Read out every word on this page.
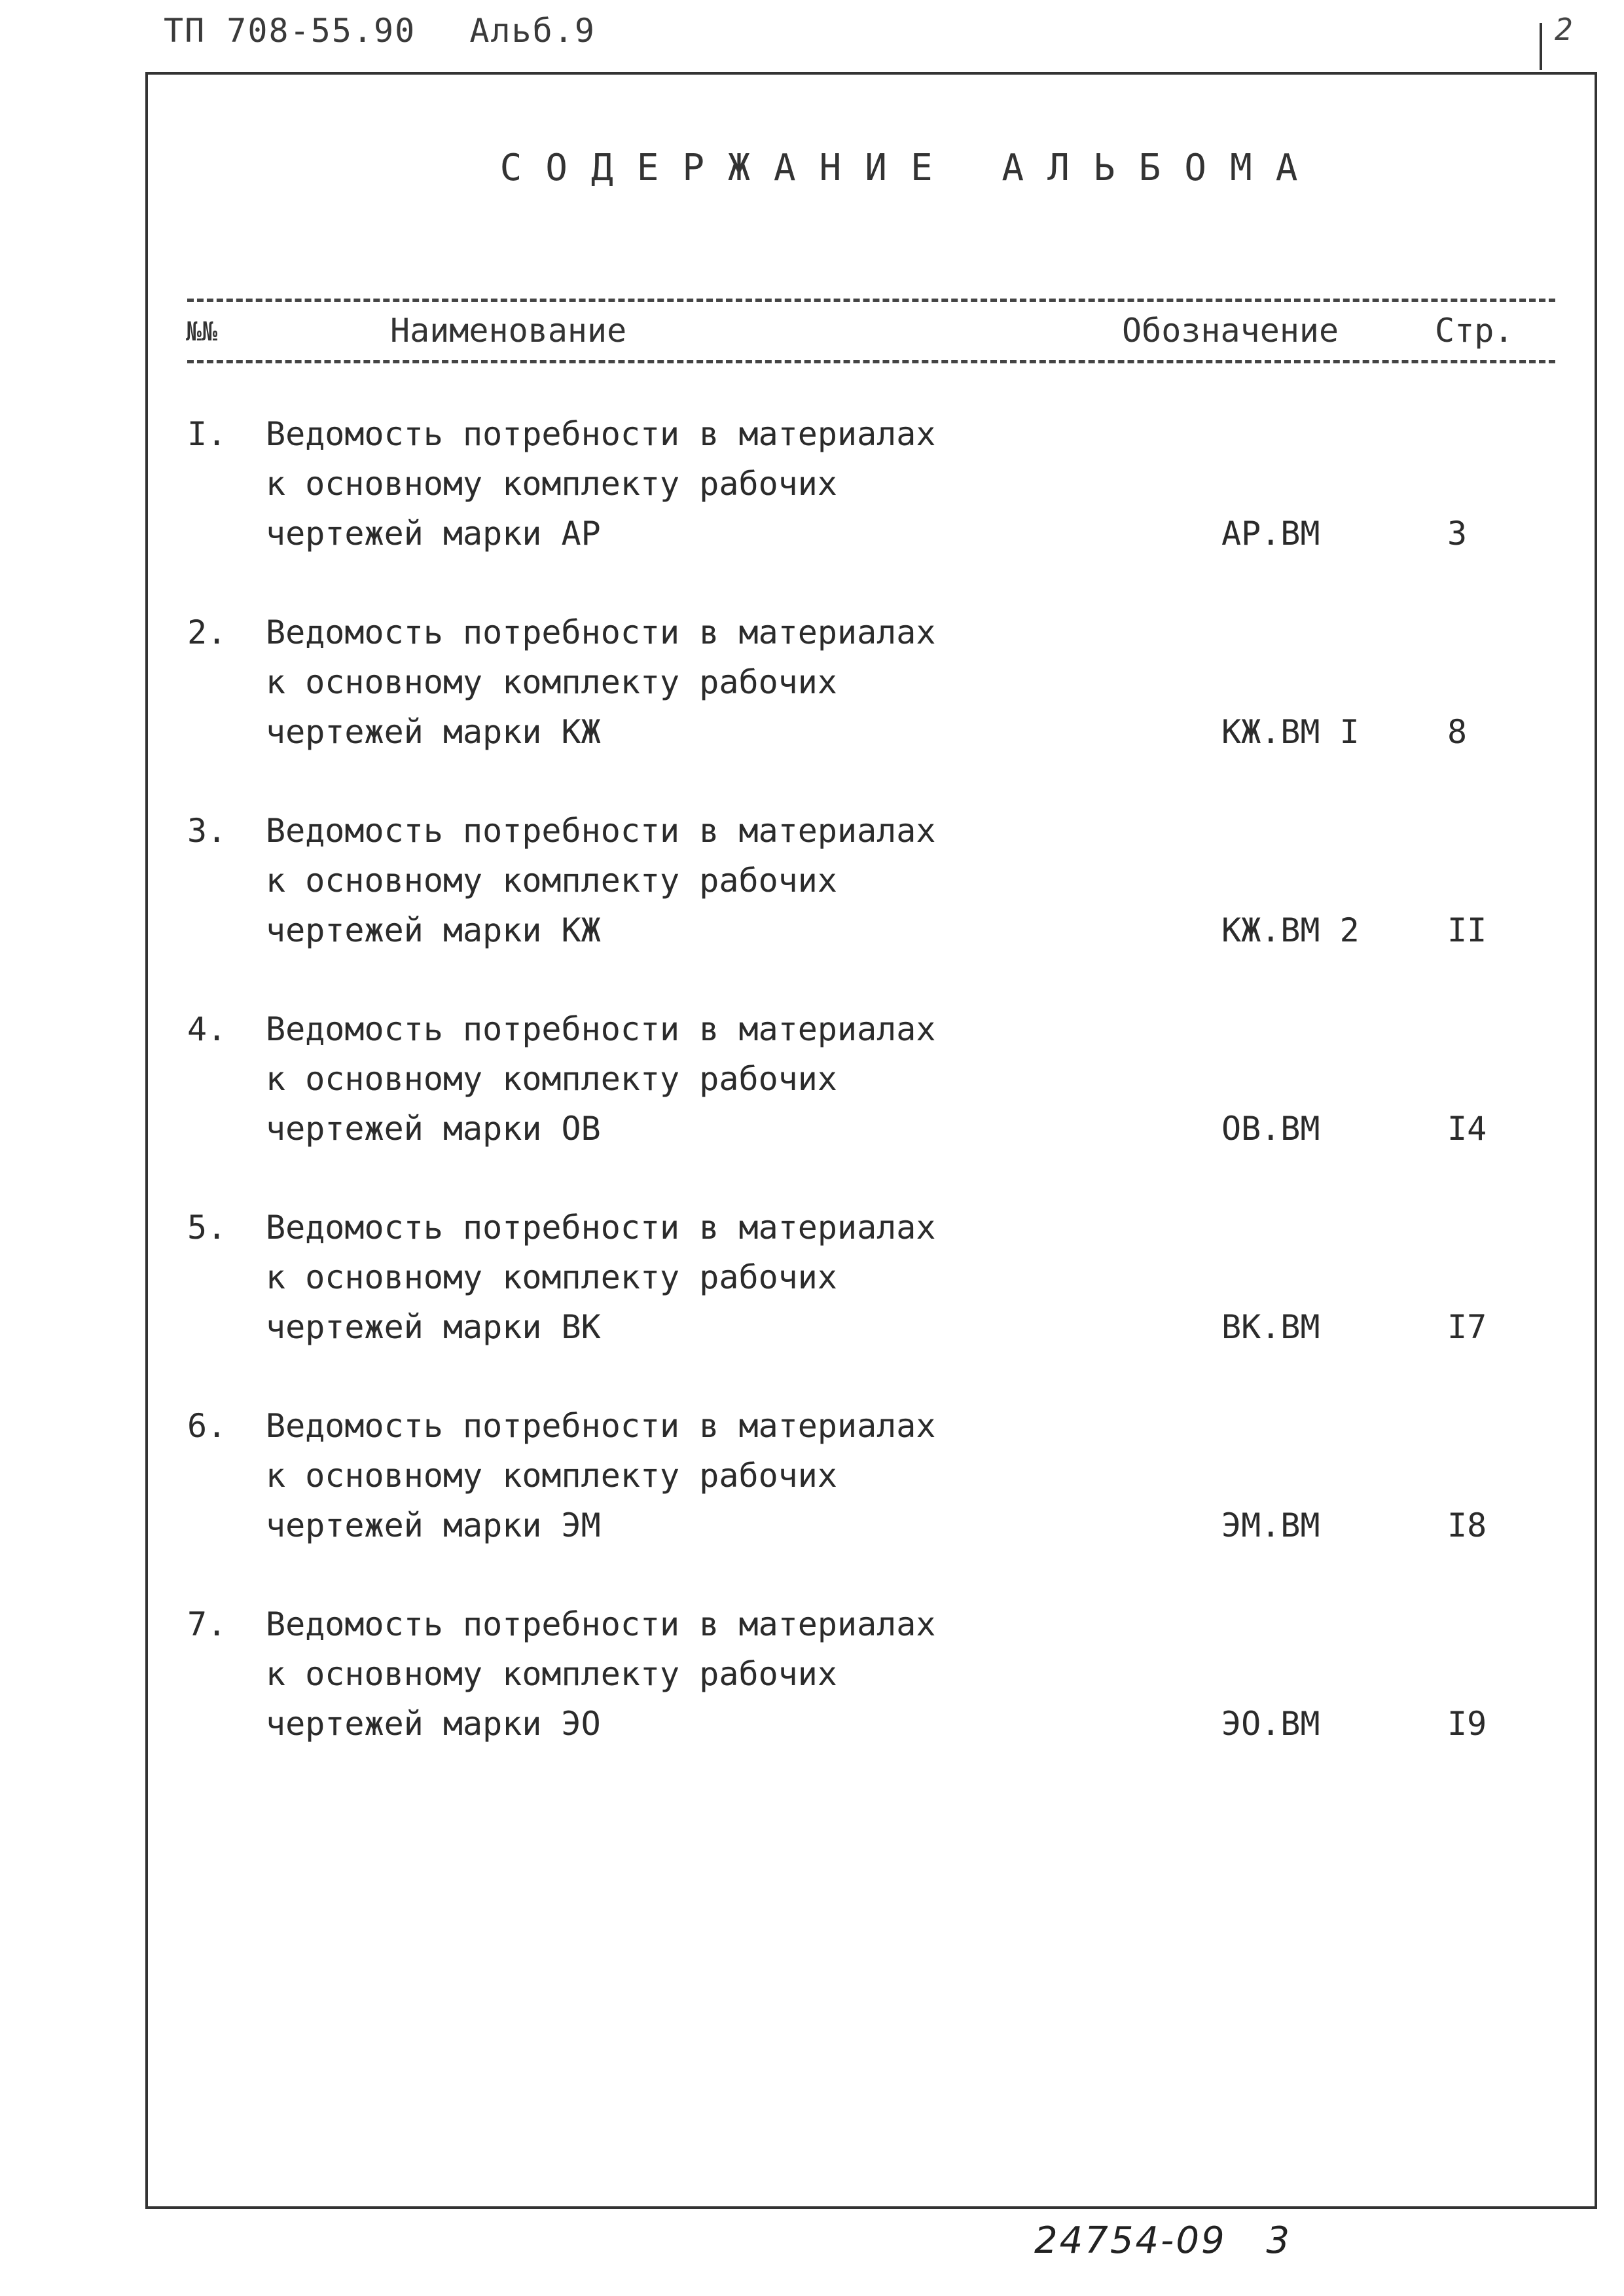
ТП 708-55.90 Альб.9	2
СОДЕРЖАНИЕ АЛЬБОМА
№№	Наименование	Обозначение	Стр.
I. Ведомость потребности в материалах
к основному комплекту рабочих
чертежей марки АР	АР.ВМ	3
2. Ведомость потребности в материалах
к основному комплекту рабочих
чертежей марки КЖ	КЖ.ВМ I	8
3. Ведомость потребности в материалах
к основному комплекту рабочих
чертежей марки КЖ	КЖ.ВМ 2	II
4. Ведомость потребности в материалах
к основному комплекту рабочих
чертежей марки ОВ	ОВ.ВМ	I4
5. Ведомость потребности в материалах
к основному комплекту рабочих
чертежей марки ВК	ВК.ВМ	I7
6. Ведомость потребности в материалах
к основному комплекту рабочих
чертежей марки ЭМ	ЭМ.ВМ	I8
7. Ведомость потребности в материалах
к основному комплекту рабочих
чертежей марки ЭО	ЭО.ВМ	I9
24754-09 3
